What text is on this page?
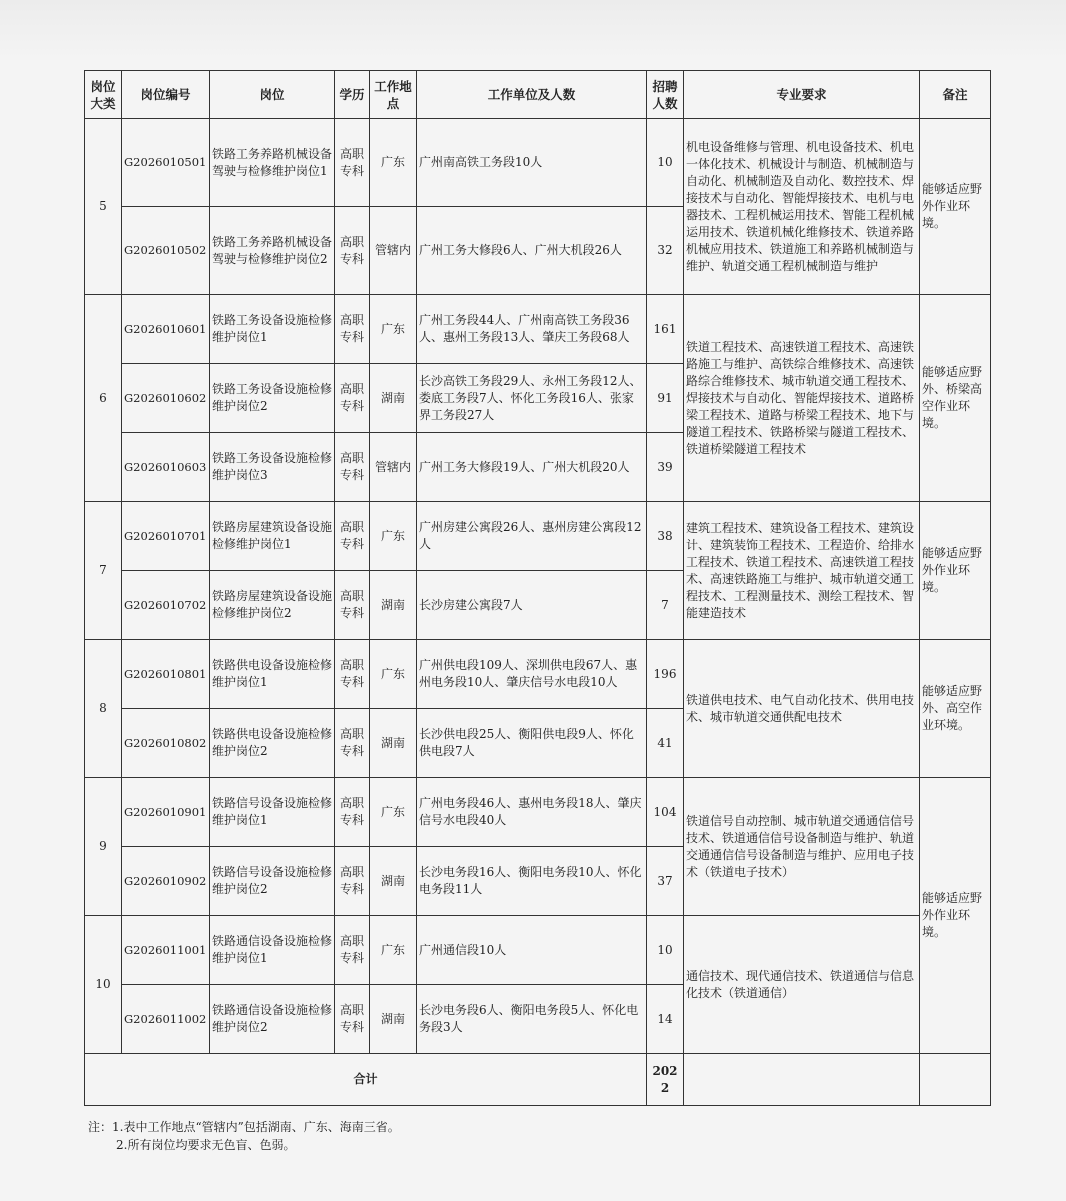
岗位大类	岗位编号	岗位	学历	工作地点	工作单位及人数	招聘人数	专业要求	备注
5	G2026010501	铁路工务养路机械设备驾驶与检修维护岗位1	高职专科	广东	广州南高铁工务段10人	10	机电设备维修与管理、机电设备技术、机电一体化技术、机械设计与制造、机械制造与自动化、机械制造及自动化、数控技术、焊接技术与自动化、智能焊接技术、电机与电器技术、工程机械运用技术、智能工程机械运用技术、铁道机械化维修技术、铁道养路机械应用技术、铁道施工和养路机械制造与维护、轨道交通工程机械制造与维护	能够适应野外作业环境。
	G2026010502	铁路工务养路机械设备驾驶与检修维护岗位2	高职专科	管辖内	广州工务大修段6人、广州大机段26人	32		
6	G2026010601	铁路工务设备设施检修维护岗位1	高职专科	广东	广州工务段44人、广州南高铁工务段36人、惠州工务段13人、肇庆工务段68人	161	铁道工程技术、高速铁道工程技术、高速铁路施工与维护、高铁综合维修技术、高速铁路综合维修技术、城市轨道交通工程技术、焊接技术与自动化、智能焊接技术、道路桥梁工程技术、道路与桥梁工程技术、地下与隧道工程技术、铁路桥梁与隧道工程技术、铁道桥梁隧道工程技术	能够适应野外、桥梁高空作业环境。
	G2026010602	铁路工务设备设施检修维护岗位2	高职专科	湖南	长沙高铁工务段29人、永州工务段12人、娄底工务段7人、怀化工务段16人、张家界工务段27人	91		
	G2026010603	铁路工务设备设施检修维护岗位3	高职专科	管辖内	广州工务大修段19人、广州大机段20人	39		
7	G2026010701	铁路房屋建筑设备设施检修维护岗位1	高职专科	广东	广州房建公寓段26人、惠州房建公寓段12人	38	建筑工程技术、建筑设备工程技术、建筑设计、建筑装饰工程技术、工程造价、给排水工程技术、铁道工程技术、高速铁道工程技术、高速铁路施工与维护、城市轨道交通工程技术、工程测量技术、测绘工程技术、智能建造技术	能够适应野外作业环境。
	G2026010702	铁路房屋建筑设备设施检修维护岗位2	高职专科	湖南	长沙房建公寓段7人	7		
8	G2026010801	铁路供电设备设施检修维护岗位1	高职专科	广东	广州供电段109人、深圳供电段67人、惠州电务段10人、肇庆信号水电段10人	196	铁道供电技术、电气自动化技术、供用电技术、城市轨道交通供配电技术	能够适应野外、高空作业环境。
	G2026010802	铁路供电设备设施检修维护岗位2	高职专科	湖南	长沙供电段25人、衡阳供电段9人、怀化供电段7人	41		
9	G2026010901	铁路信号设备设施检修维护岗位1	高职专科	广东	广州电务段46人、惠州电务段18人、肇庆信号水电段40人	104	铁道信号自动控制、城市轨道交通通信信号技术、铁道通信信号设备制造与维护、轨道交通通信信号设备制造与维护、应用电子技术（铁道电子技术）	能够适应野外作业环境。
	G2026010902	铁路信号设备设施检修维护岗位2	高职专科	湖南	长沙电务段16人、衡阳电务段10人、怀化电务段11人	37		
10	G2026011001	铁路通信设备设施检修维护岗位1	高职专科	广东	广州通信段10人	10	通信技术、现代通信技术、铁道通信与信息化技术（铁道通信）	
	G2026011002	铁路通信设备设施检修维护岗位2	高职专科	湖南	长沙电务段6人、衡阳电务段5人、怀化电务段3人	14		
合计						2022		
注：1.表中工作地点“管辖内”包括湖南、广东、海南三省。
2.所有岗位均要求无色盲、色弱。
